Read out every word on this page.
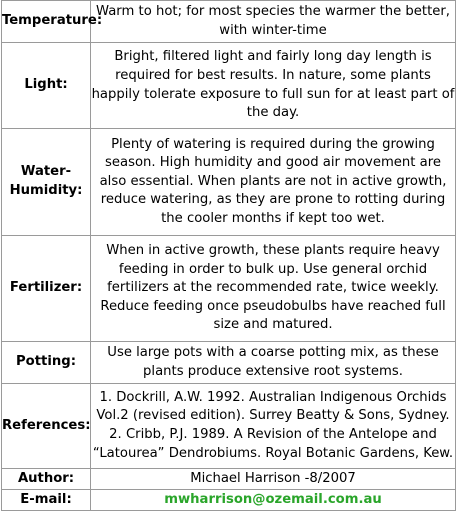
Temperature:	Warm to hot; for most species the warmer the better,
with winter-time
Light:	Bright, filtered light and fairly long day length is
required for best results. In nature, some plants
happily tolerate exposure to full sun for at least part of
the day.
Water-
Humidity:	Plenty of watering is required during the growing
season. High humidity and good air movement are
also essential. When plants are not in active growth,
reduce watering, as they are prone to rotting during
the cooler months if kept too wet.
Fertilizer:	When in active growth, these plants require heavy
feeding in order to bulk up. Use general orchid
fertilizers at the recommended rate, twice weekly.
Reduce feeding once pseudobulbs have reached full
size and matured.
Potting:	Use large pots with a coarse potting mix, as these
plants produce extensive root systems.
References:	1. Dockrill, A.W. 1992. Australian Indigenous Orchids
Vol.2 (revised edition). Surrey Beatty & Sons, Sydney.
2. Cribb, P.J. 1989. A Revision of the Antelope and
“Latourea” Dendrobiums. Royal Botanic Gardens, Kew.
Author:	Michael Harrison -8/2007
E-mail:	mwharrison@ozemail.com.au
